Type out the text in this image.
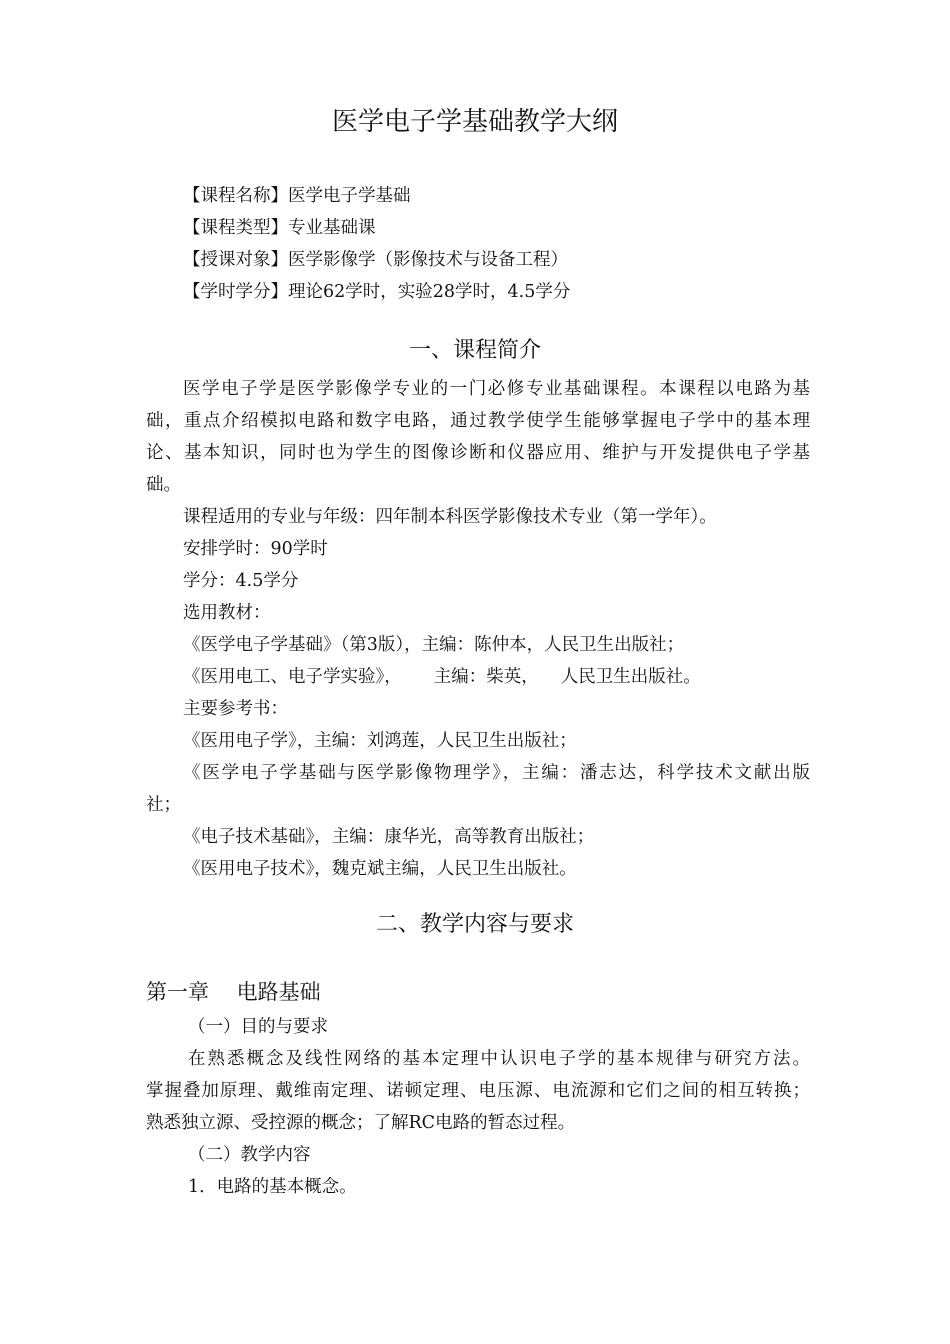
医学电子学基础教学大纲
【课程名称】医学电子学基础
【课程类型】专业基础课
【授课对象】医学影像学（影像技术与设备工程）
【学时学分】理论62学时，实验28学时，4.5学分
一、课程简介
医学电子学是医学影像学专业的一门必修专业基础课程。本课程以电路为基
础，重点介绍模拟电路和数字电路，通过教学使学生能够掌握电子学中的基本理
论、基本知识，同时也为学生的图像诊断和仪器应用、维护与开发提供电子学基
础。
课程适用的专业与年级：四年制本科医学影像技术专业（第一学年）。
安排学时：90学时
学分：4.5学分
选用教材：
《医学电子学基础》（第3版），主编：陈仲本，人民卫生出版社；
《医用电工、电子学实验》， 主编：柴英， 人民卫生出版社。
主要参考书：
《医用电子学》，主编：刘鸿莲，人民卫生出版社；
《医学电子学基础与医学影像物理学》，主编：潘志达，科学技术文献出版
社；
《电子技术基础》，主编：康华光，高等教育出版社；
《医用电子技术》，魏克斌主编，人民卫生出版社。
二、教学内容与要求
第一章　 电路基础
（一）目的与要求
在熟悉概念及线性网络的基本定理中认识电子学的基本规律与研究方法。
掌握叠加原理、戴维南定理、诺顿定理、电压源、电流源和它们之间的相互转换；
熟悉独立源、受控源的概念；了解RC电路的暂态过程。
（二）教学内容
1．电路的基本概念。
